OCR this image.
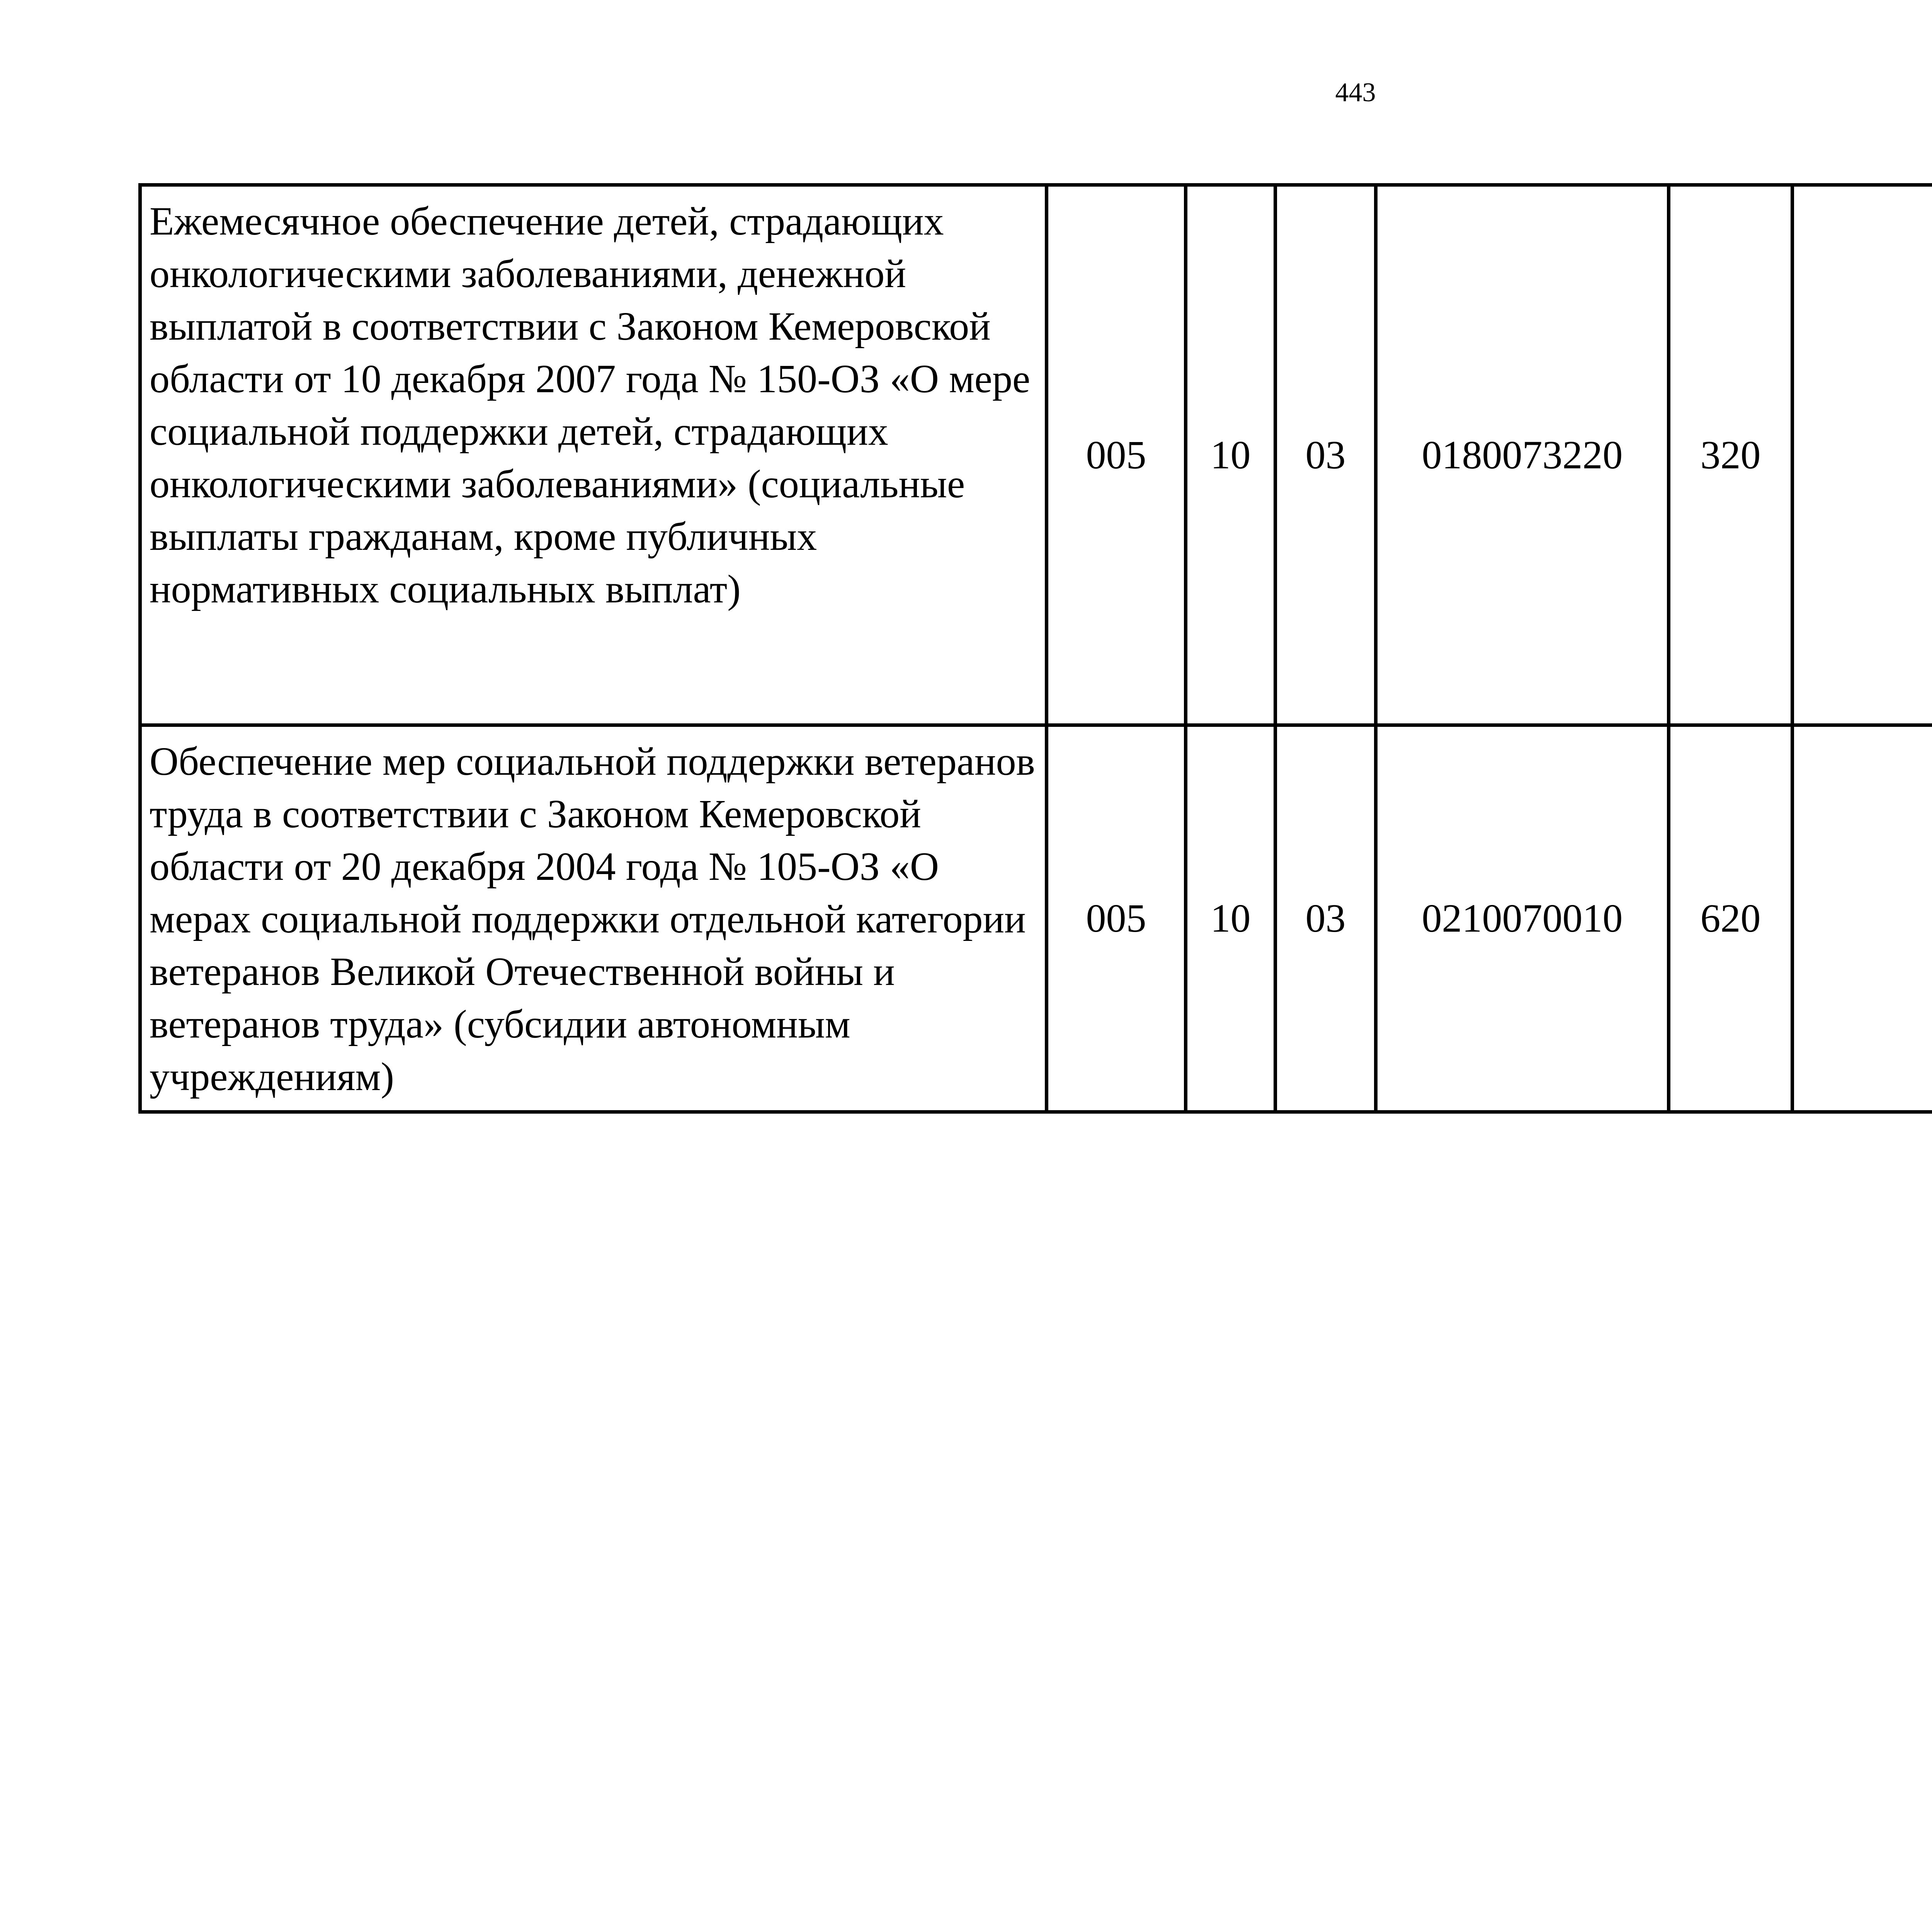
443
Ежемесячное обеспечение детей, страдающих онкологическими заболеваниями, денежной выплатой в соответствии с Законом Кемеровской области от 10 декабря 2007 года № 150-ОЗ «О мере социальной поддержки детей, страдающих онкологическими заболеваниями» (социальные выплаты гражданам, кроме публичных нормативных социальных выплат)	005	10	03	0180073220	320			
Обеспечение мер социальной поддержки ветеранов труда в соответствии с Законом Кемеровской области от 20 декабря 2004 года № 105-ОЗ «О мерах социальной поддержки отдельной категории ветеранов Великой Отечественной войны и ветеранов труда» (субсидии автономным учреждениям)	005	10	03	0210070010	620			
